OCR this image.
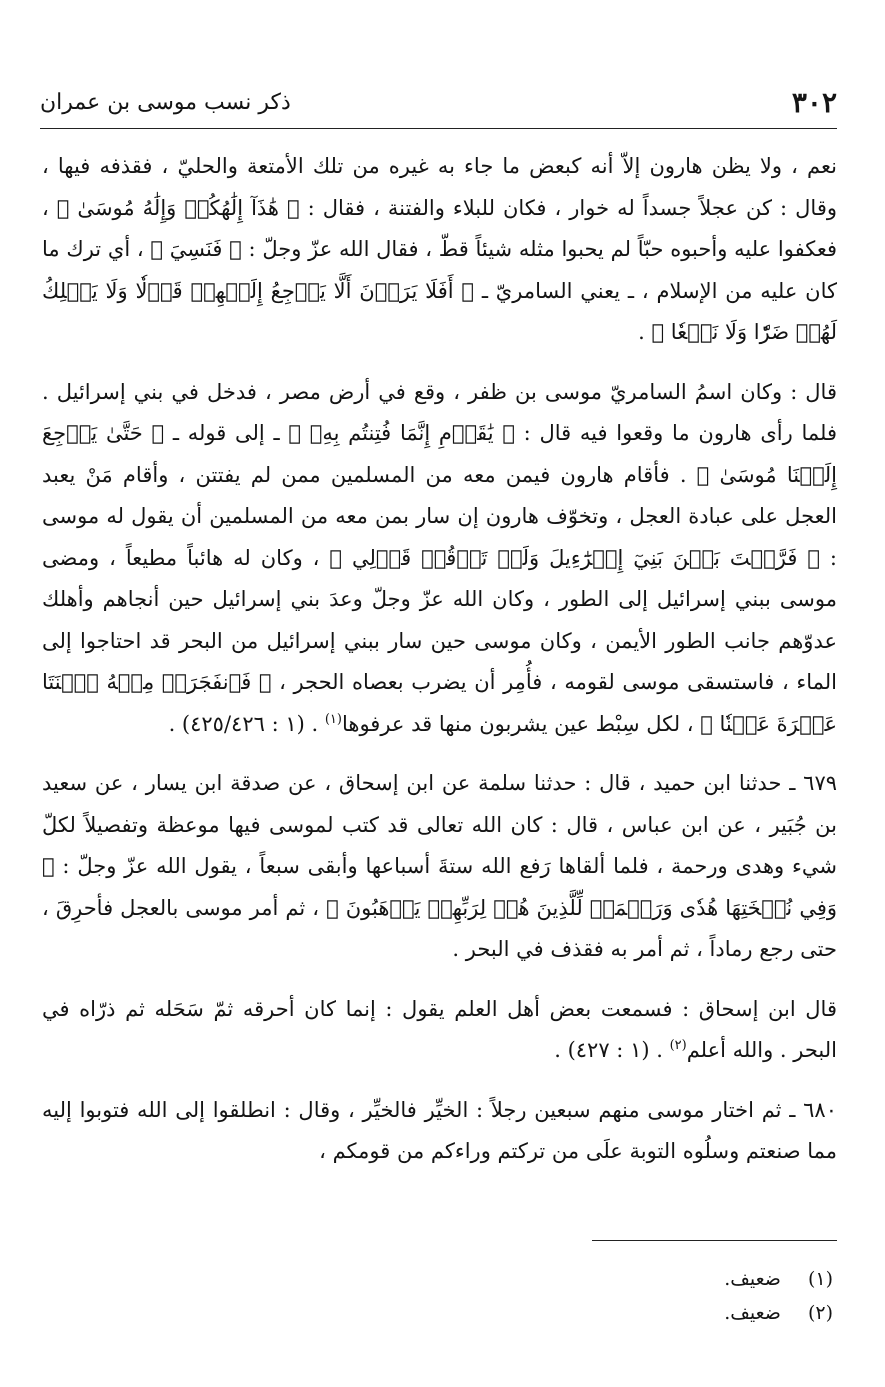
٣٠٢
ذكر نسب موسى بن عمران

نعم ، ولا يظن هارون إلاّ أنه كبعض ما جاء به غيره من تلك الأمتعة والحليّ ، فقذفه فيها ، وقال : كن عجلاً جسداً له خوار ، فكان للبلاء والفتنة ، فقال : ﴿ هَٰذَآ إِلَٰهُكُمۡ وَإِلَٰهُ مُوسَىٰ ﴾ ، فعكفوا عليه وأحبوه حبّاً لم يحبوا مثله شيئاً قطّ ، فقال الله عزّ وجلّ : ﴿ فَنَسِيَ ﴾ ، أي ترك ما كان عليه من الإسلام ، ـ يعني السامريّ ـ ﴿ أَفَلَا يَرَوۡنَ أَلَّا يَرۡجِعُ إِلَيۡهِمۡ قَوۡلٗا وَلَا يَمۡلِكُ لَهُمۡ ضَرّٗا وَلَا نَفۡعٗا ﴾ .

قال : وكان اسمُ السامريّ موسى بن ظفر ، وقع في أرض مصر ، فدخل في بني إسرائيل . فلما رأى هارون ما وقعوا فيه قال : ﴿ يَٰقَوۡمِ إِنَّمَا فُتِنتُم بِهِۦ ﴾ ـ إلى قوله ـ ﴿ حَتَّىٰ يَرۡجِعَ إِلَيۡنَا مُوسَىٰ ﴾ . فأقام هارون فيمن معه من المسلمين ممن لم يفتتن ، وأقام مَنْ يعبد العجل على عبادة العجل ، وتخوّف هارون إن سار بمن معه من المسلمين أن يقول له موسى : ﴿ فَرَّقۡتَ بَيۡنَ بَنِيٓ إِسۡرَٰٓءِيلَ وَلَمۡ تَرۡقُبۡ قَوۡلِي ﴾ ، وكان له هائباً مطيعاً ، ومضى موسى ببني إسرائيل إلى الطور ، وكان الله عزّ وجلّ وعدَ بني إسرائيل حين أنجاهم وأهلك عدوّهم جانب الطور الأيمن ، وكان موسى حين سار ببني إسرائيل من البحر قد احتاجوا إلى الماء ، فاستسقى موسى لقومه ، فأُمِر أن يضرب بعصاه الحجر ، ﴿ فَٱنفَجَرَتۡ مِنۡهُ ٱثۡنَتَا عَشۡرَةَ عَيۡنٗا ﴾ ، لكل سِبْط عين يشربون منها قد عرفوها$^{(١)}$ . (١ : ٤٢٥/٤٢٦) .

٦٧٩ ـ حدثنا ابن حميد ، قال : حدثنا سلمة عن ابن إسحاق ، عن صدقة ابن يسار ، عن سعيد بن جُبَير ، عن ابن عباس ، قال : كان الله تعالى قد كتب لموسى فيها موعظة وتفصيلاً لكلّ شيء وهدى ورحمة ، فلما ألقاها رَفع الله ستةَ أسباعها وأبقى سبعاً ، يقول الله عزّ وجلّ : ﴿ وَفِي نُسۡخَتِهَا هُدٗى وَرَحۡمَةٞ لِّلَّذِينَ هُمۡ لِرَبِّهِمۡ يَرۡهَبُونَ ﴾ ، ثم أمر موسى بالعجل فأحرِقَ ، حتى رجع رماداً ، ثم أمر به فقذف في البحر .

قال ابن إسحاق : فسمعت بعض أهل العلم يقول : إنما كان أحرقه ثمّ سَحَله ثم ذرّاه في البحر . والله أعلم$^{(٢)}$ . (١ : ٤٢٧) .

٦٨٠ ـ ثم اختار موسى منهم سبعين رجلاً : الخيِّر فالخيِّر ، وقال : انطلقوا إلى الله فتوبوا إليه مما صنعتم وسلُوه التوبة علَى من تركتم وراءكم من قومكم ،

(١) ضعيف.
(٢) ضعيف.
